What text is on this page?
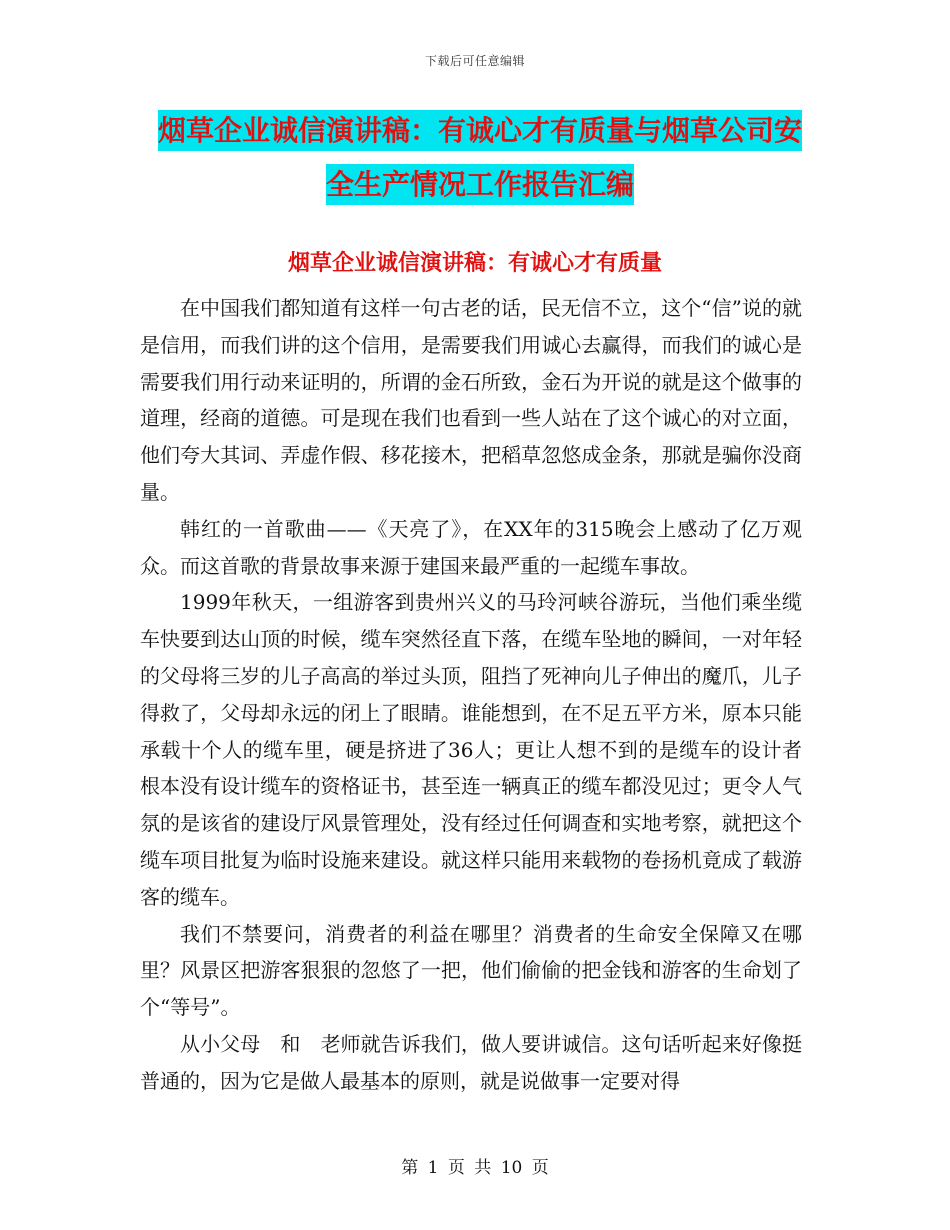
下载后可任意编辑
烟草企业诚信演讲稿：有诚心才有质量与烟草公司安
全生产情况工作报告汇编
烟草企业诚信演讲稿：有诚心才有质量

在中国我们都知道有这样一句古老的话，民无信不立，这个“信”说的就是信用，而我们讲的这个信用，是需要我们用诚心去赢得，而我们的诚心是需要我们用行动来证明的，所谓的金石所致，金石为开说的就是这个做事的道理，经商的道德。可是现在我们也看到一些人站在了这个诚心的对立面，他们夸大其词、弄虚作假、移花接木，把稻草忽悠成金条，那就是骗你没商量。

韩红的一首歌曲——《天亮了》，在XX年的315晚会上感动了亿万观众。而这首歌的背景故事来源于建国来最严重的一起缆车事故。

1999年秋天，一组游客到贵州兴义的马玲河峡谷游玩，当他们乘坐缆车快要到达山顶的时候，缆车突然径直下落，在缆车坠地的瞬间，一对年轻的父母将三岁的儿子高高的举过头顶，阻挡了死神向儿子伸出的魔爪，儿子得救了，父母却永远的闭上了眼睛。谁能想到，在不足五平方米，原本只能承载十个人的缆车里，硬是挤进了36人；更让人想不到的是缆车的设计者根本没有设计缆车的资格证书，甚至连一辆真正的缆车都没见过；更令人气氛的是该省的建设厅风景管理处，没有经过任何调查和实地考察，就把这个缆车项目批复为临时设施来建设。就这样只能用来载物的卷扬机竟成了载游客的缆车。

我们不禁要问，消费者的利益在哪里？消费者的生命安全保障又在哪里？风景区把游客狠狠的忽悠了一把，他们偷偷的把金钱和游客的生命划了个“等号”。

从小父母　和　老师就告诉我们，做人要讲诚信。这句话听起来好像挺普通的，因为它是做人最基本的原则，就是说做事一定要对得

第 1 页 共 10 页
